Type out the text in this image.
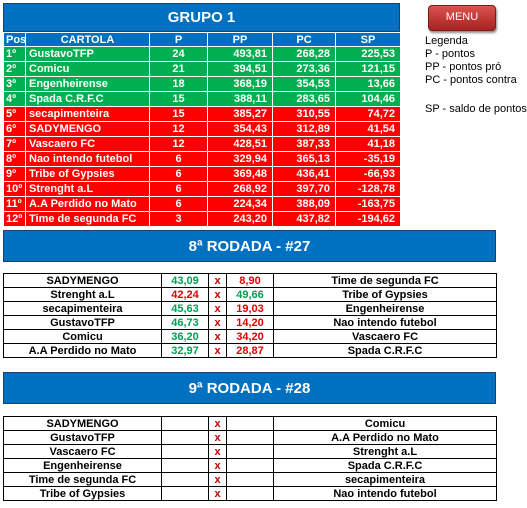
GRUPO 1
Pos	CARTOLA	P	PP	PC	SP
1º	GustavoTFP	24	493,81	268,28	225,53
2º	Comicu	21	394,51	273,36	121,15
3º	Engenheirense	18	368,19	354,53	13,66
4º	Spada C.R.F.C	15	388,11	283,65	104,46
5º	secapimenteira	15	385,27	310,55	74,72
6º	SADYMENGO	12	354,43	312,89	41,54
7º	Vascaero FC	12	428,51	387,33	41,18
8º	Nao intendo futebol	6	329,94	365,13	-35,19
9º	Tribe of Gypsies	6	369,48	436,41	-66,93
10º	Strenght a.L	6	268,92	397,70	-128,78
11º	A.A Perdido no Mato	6	224,34	388,09	-163,75
12º	Time de segunda FC	3	243,20	437,82	-194,62
MENU
Legenda
P - pontos
PP - pontos pró
PC - pontos contra
SP - saldo de pontos
8ª RODADA - #27
SADYMENGO	43,09	x	8,90	Time de segunda FC
Strenght a.L	42,24	x	49,66	Tribe of Gypsies
secapimenteira	45,63	x	19,03	Engenheirense
GustavoTFP	46,73	x	14,20	Nao intendo futebol
Comicu	36,20	x	34,20	Vascaero FC
A.A Perdido no Mato	32,97	x	28,87	Spada C.R.F.C
9ª RODADA - #28
SADYMENGO		x		Comicu
GustavoTFP		x		A.A Perdido no Mato
Vascaero FC		x		Strenght a.L
Engenheirense		x		Spada C.R.F.C
Time de segunda FC		x		secapimenteira
Tribe of Gypsies		x		Nao intendo futebol
